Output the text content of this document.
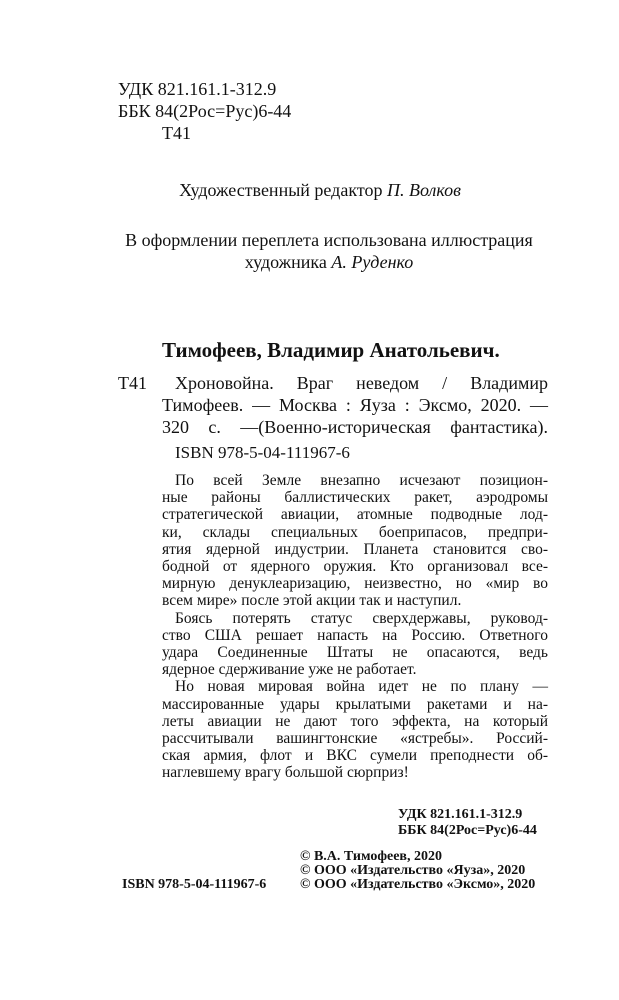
УДК 821.161.1-312.9
ББК 84(2Рос=Рус)6-44
Т41
Художественный редактор П. Волков
В оформлении переплета использована иллюстрация
художника А. Руденко
Тимофеев, Владимир Анатольевич.
Т41	Хроновойна. Враг неведом / Владимир
Тимофеев. — Москва : Яуза : Эксмо, 2020. —
320 с. —(Военно-историческая фантастика).
ISBN 978-5-04-111967-6
По всей Земле внезапно исчезают позицион-
ные районы баллистических ракет, аэродромы
стратегической авиации, атомные подводные лод-
ки, склады специальных боеприпасов, предпри-
ятия ядерной индустрии. Планета становится сво-
бодной от ядерного оружия. Кто организовал все-
мирную денуклеаризацию, неизвестно, но «мир во
всем мире» после этой акции так и наступил.
Боясь потерять статус сверхдержавы, руковод-
ство США решает напасть на Россию. Ответного
удара Соединенные Штаты не опасаются, ведь
ядерное сдерживание уже не работает.
Но новая мировая война идет не по плану —
массированные удары крылатыми ракетами и на-
леты авиации не дают того эффекта, на который
рассчитывали вашингтонские «ястребы». Россий-
ская армия, флот и ВКС сумели преподнести об-
наглевшему врагу большой сюрприз!
УДК 821.161.1-312.9
ББК 84(2Рос=Рус)6-44
© В.А. Тимофеев, 2020
© ООО «Издательство «Яуза», 2020
© ООО «Издательство «Эксмо», 2020
ISBN 978-5-04-111967-6
